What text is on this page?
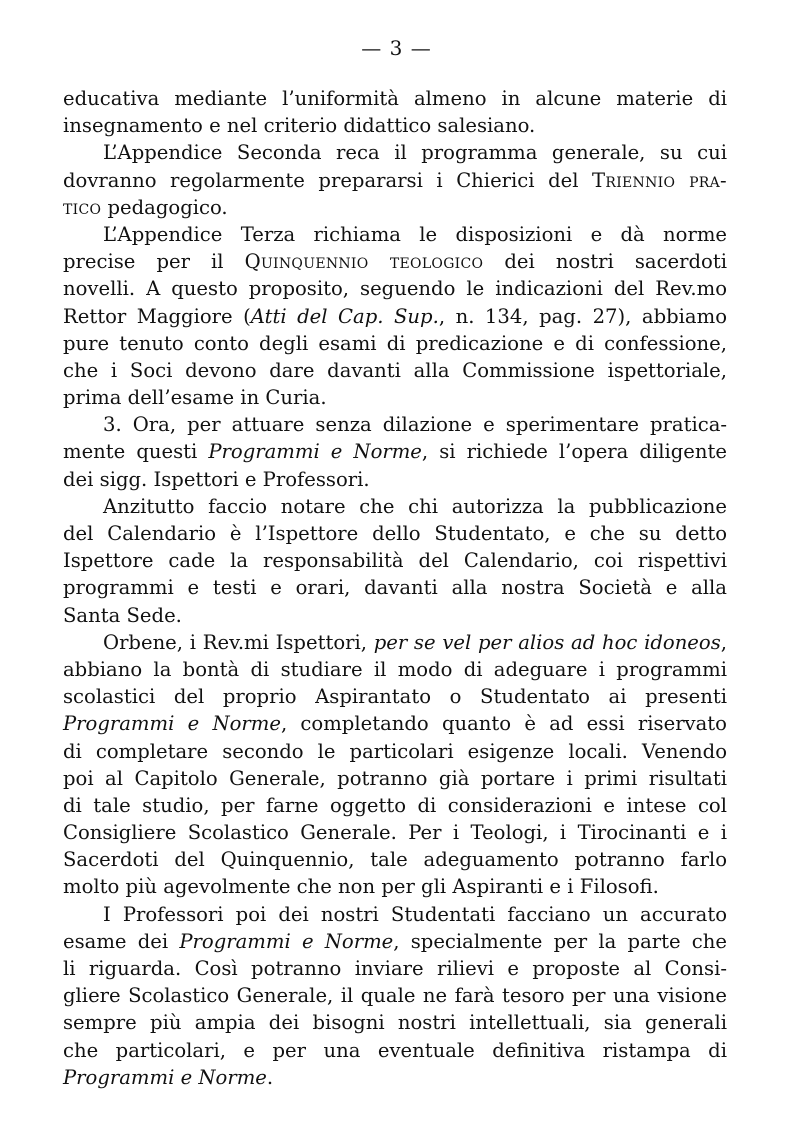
— 3 —

educativa mediante l’uniformità almeno in alcune materie di
insegnamento e nel criterio didattico salesiano.

L’Appendice Seconda reca il programma generale, su cui
dovranno regolarmente prepararsi i Chierici del Triennio pra-
tico pedagogico.

L’Appendice Terza richiama le disposizioni e dà norme
precise per il Quinquennio teologico dei nostri sacerdoti
novelli. A questo proposito, seguendo le indicazioni del Rev.mo
Rettor Maggiore (Atti del Cap. Sup., n. 134, pag. 27), abbiamo
pure tenuto conto degli esami di predicazione e di confessione,
che i Soci devono dare davanti alla Commissione ispettoriale,
prima dell’esame in Curia.

3. Ora, per attuare senza dilazione e sperimentare pratica-
mente questi Programmi e Norme, si richiede l’opera diligente
dei sigg. Ispettori e Professori.

Anzitutto faccio notare che chi autorizza la pubblicazione
del Calendario è l’Ispettore dello Studentato, e che su detto
Ispettore cade la responsabilità del Calendario, coi rispettivi
programmi e testi e orari, davanti alla nostra Società e alla
Santa Sede.

Orbene, i Rev.mi Ispettori, per se vel per alios ad hoc idoneos,
abbiano la bontà di studiare il modo di adeguare i programmi
scolastici del proprio Aspirantato o Studentato ai presenti
Programmi e Norme, completando quanto è ad essi riservato
di completare secondo le particolari esigenze locali. Venendo
poi al Capitolo Generale, potranno già portare i primi risultati
di tale studio, per farne oggetto di considerazioni e intese col
Consigliere Scolastico Generale. Per i Teologi, i Tirocinanti e i
Sacerdoti del Quinquennio, tale adeguamento potranno farlo
molto più agevolmente che non per gli Aspiranti e i Filosofi.

I Professori poi dei nostri Studentati facciano un accurato
esame dei Programmi e Norme, specialmente per la parte che
li riguarda. Così potranno inviare rilievi e proposte al Consi-
gliere Scolastico Generale, il quale ne farà tesoro per una visione
sempre più ampia dei bisogni nostri intellettuali, sia generali
che particolari, e per una eventuale definitiva ristampa di
Programmi e Norme.
